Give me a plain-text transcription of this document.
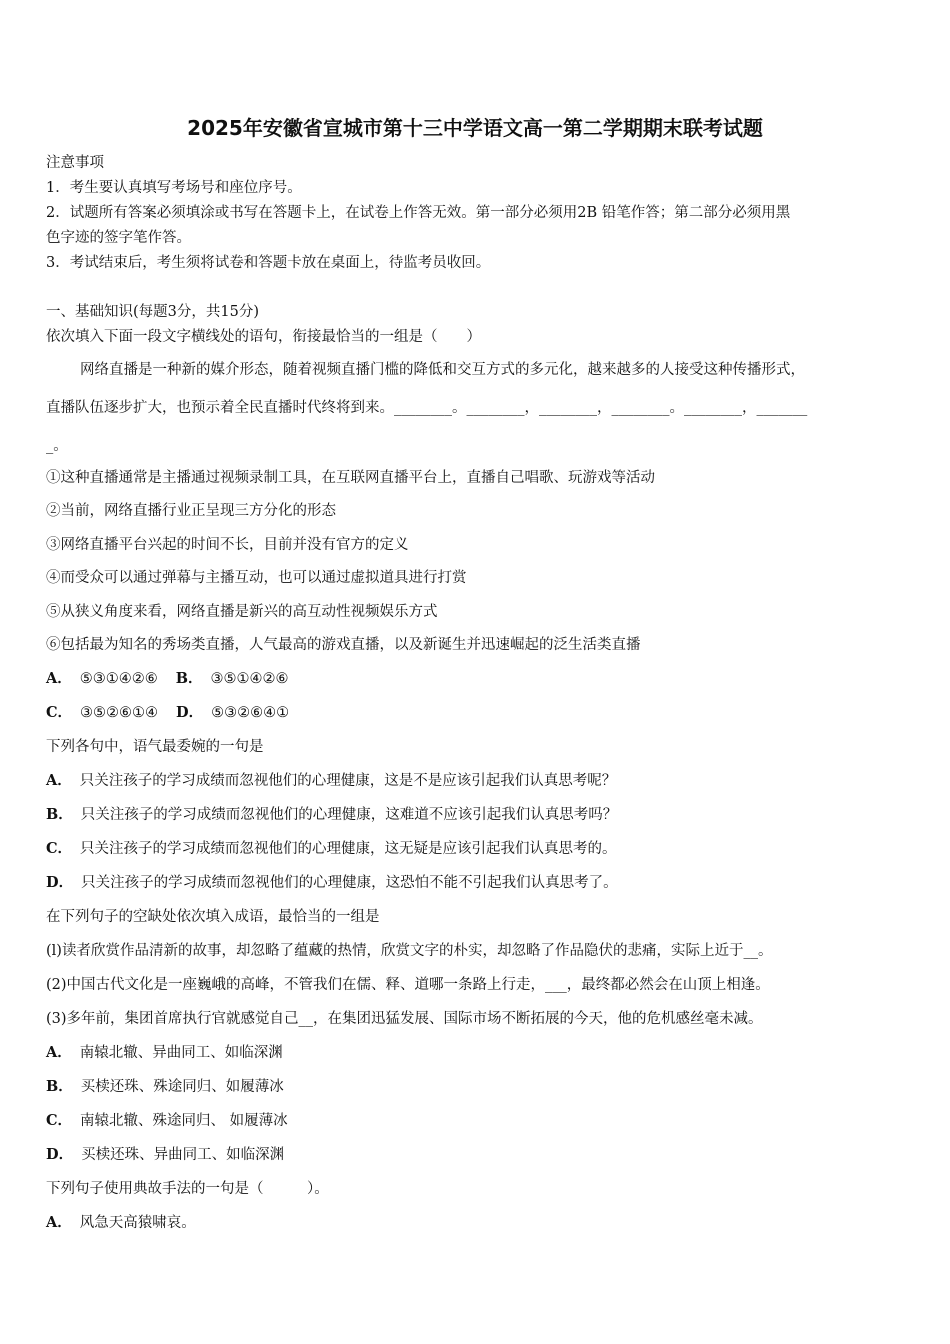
2025年安徽省宣城市第十三中学语文高一第二学期期末联考试题
注意事项
1．考生要认真填写考场号和座位序号。
2．试题所有答案必须填涂或书写在答题卡上，在试卷上作答无效。第一部分必须用2B 铅笔作答；第二部分必须用黑
色字迹的签字笔作答。
3．考试结束后，考生须将试卷和答题卡放在桌面上，待监考员收回。
一、基础知识(每题3分，共15分)
依次填入下面一段文字横线处的语句，衔接最恰当的一组是（　　）
网络直播是一种新的媒介形态，随着视频直播门槛的降低和交互方式的多元化，越来越多的人接受这种传播形式，
直播队伍逐步扩大，也预示着全民直播时代终将到来。________。________，________，________。________，_______
_。
①这种直播通常是主播通过视频录制工具，在互联网直播平台上，直播自己唱歌、玩游戏等活动
②当前，网络直播行业正呈现三方分化的形态
③网络直播平台兴起的时间不长，目前并没有官方的定义
④而受众可以通过弹幕与主播互动，也可以通过虚拟道具进行打赏
⑤从狭义角度来看，网络直播是新兴的高互动性视频娱乐方式
⑥包括最为知名的秀场类直播，人气最高的游戏直播，以及新诞生并迅速崛起的泛生活类直播
A． ⑤③①④②⑥ B． ③⑤①④②⑥
C． ③⑤②⑥①④ D． ⑤③②⑥④①
下列各句中，语气最委婉的一句是
A． 只关注孩子的学习成绩而忽视他们的心理健康，这是不是应该引起我们认真思考呢？
B． 只关注孩子的学习成绩而忽视他们的心理健康，这难道不应该引起我们认真思考吗？
C． 只关注孩子的学习成绩而忽视他们的心理健康，这无疑是应该引起我们认真思考的。
D． 只关注孩子的学习成绩而忽视他们的心理健康，这恐怕不能不引起我们认真思考了。
在下列句子的空缺处依次填入成语，最恰当的一组是
(l)读者欣赏作品清新的故事，却忽略了蕴藏的热情，欣赏文字的朴实，却忽略了作品隐伏的悲痛，实际上近于__。
(2)中国古代文化是一座巍峨的高峰，不管我们在儒、释、道哪一条路上行走，___，最终都必然会在山顶上相逢。
(3)多年前，集团首席执行官就感觉自己__，在集团迅猛发展、国际市场不断拓展的今天，他的危机感丝毫未减。
A． 南辕北辙、异曲同工、如临深渊
B． 买椟还珠、殊途同归、如履薄冰
C． 南辕北辙、殊途同归、 如履薄冰
D． 买椟还珠、异曲同工、如临深渊
下列句子使用典故手法的一句是（　　　）。
A． 风急天高猿啸哀。
